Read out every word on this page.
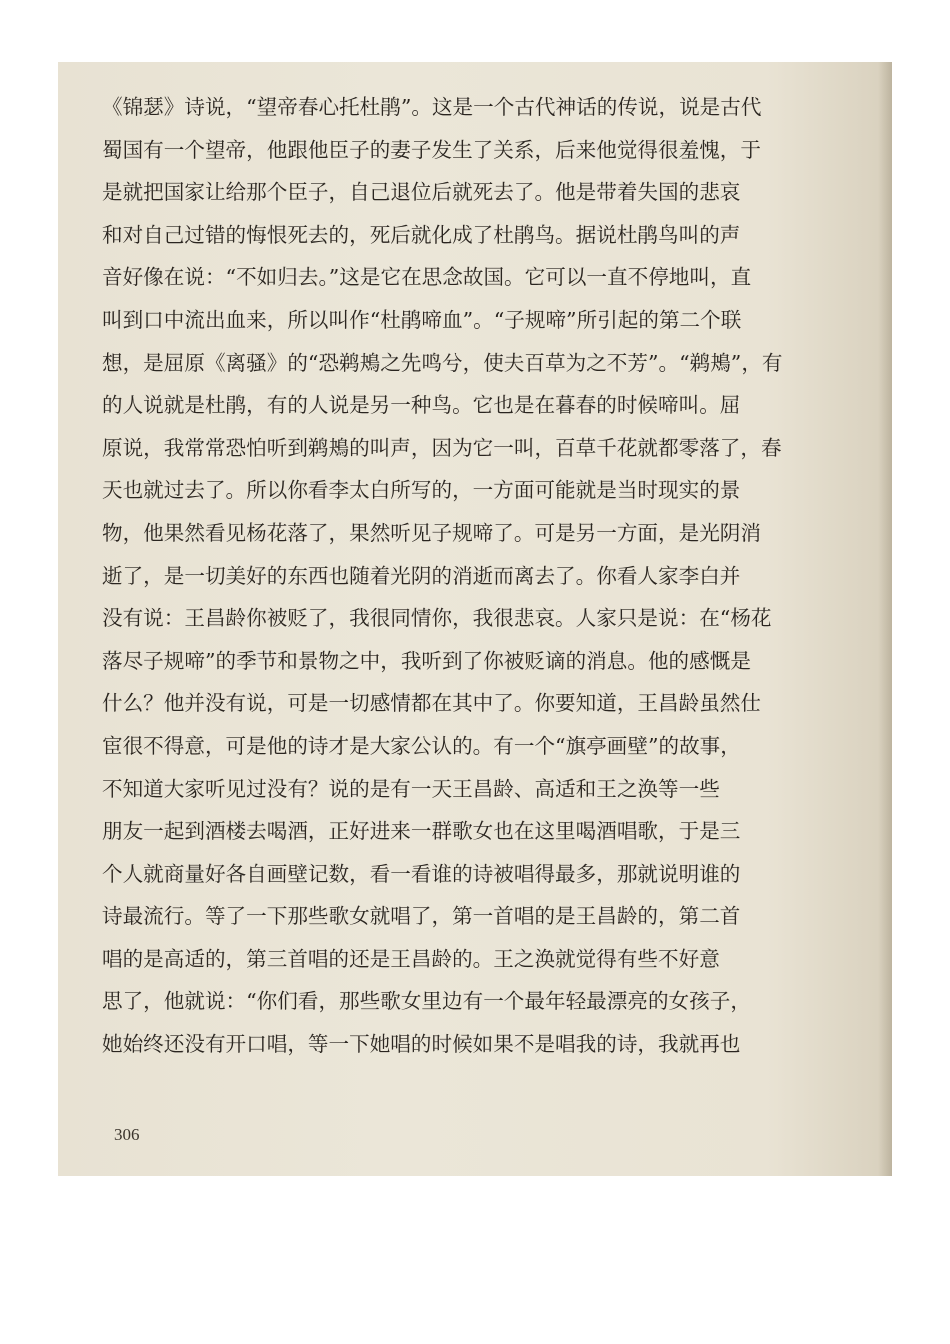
《锦瑟》诗说，“望帝春心托杜鹃”。这是一个古代神话的传说，说是古代
蜀国有一个望帝，他跟他臣子的妻子发生了关系，后来他觉得很羞愧，于
是就把国家让给那个臣子，自己退位后就死去了。他是带着失国的悲哀
和对自己过错的悔恨死去的，死后就化成了杜鹃鸟。据说杜鹃鸟叫的声
音好像在说：“不如归去。”这是它在思念故国。它可以一直不停地叫，直
叫到口中流出血来，所以叫作“杜鹃啼血”。“子规啼”所引起的第二个联
想，是屈原《离骚》的“恐鹈鴂之先鸣兮，使夫百草为之不芳”。“鹈鴂”，有
的人说就是杜鹃，有的人说是另一种鸟。它也是在暮春的时候啼叫。屈
原说，我常常恐怕听到鹈鴂的叫声，因为它一叫，百草千花就都零落了，春
天也就过去了。所以你看李太白所写的，一方面可能就是当时现实的景
物，他果然看见杨花落了，果然听见子规啼了。可是另一方面，是光阴消
逝了，是一切美好的东西也随着光阴的消逝而离去了。你看人家李白并
没有说：王昌龄你被贬了，我很同情你，我很悲哀。人家只是说：在“杨花
落尽子规啼”的季节和景物之中，我听到了你被贬谪的消息。他的感慨是
什么？他并没有说，可是一切感情都在其中了。你要知道，王昌龄虽然仕
宦很不得意，可是他的诗才是大家公认的。有一个“旗亭画壁”的故事，
不知道大家听见过没有？说的是有一天王昌龄、高适和王之涣等一些
朋友一起到酒楼去喝酒，正好进来一群歌女也在这里喝酒唱歌，于是三
个人就商量好各自画壁记数，看一看谁的诗被唱得最多，那就说明谁的
诗最流行。等了一下那些歌女就唱了，第一首唱的是王昌龄的，第二首
唱的是高适的，第三首唱的还是王昌龄的。王之涣就觉得有些不好意
思了，他就说：“你们看，那些歌女里边有一个最年轻最漂亮的女孩子，
她始终还没有开口唱，等一下她唱的时候如果不是唱我的诗，我就再也
306
